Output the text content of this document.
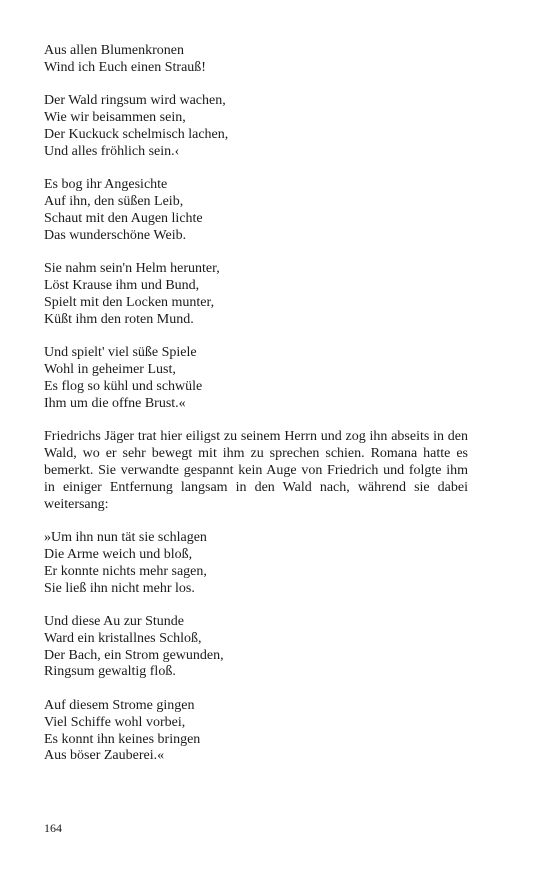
Aus allen Blumenkronen
Wind ich Euch einen Strauß!
Der Wald ringsum wird wachen,
Wie wir beisammen sein,
Der Kuckuck schelmisch lachen,
Und alles fröhlich sein.‹
Es bog ihr Angesichte
Auf ihn, den süßen Leib,
Schaut mit den Augen lichte
Das wunderschöne Weib.
Sie nahm sein'n Helm herunter,
Löst Krause ihm und Bund,
Spielt mit den Locken munter,
Küßt ihm den roten Mund.
Und spielt' viel süße Spiele
Wohl in geheimer Lust,
Es flog so kühl und schwüle
Ihm um die offne Brust.«

Friedrichs Jäger trat hier eiligst zu seinem Herrn und zog ihn abseits in den Wald, wo er sehr bewegt mit ihm zu sprechen schien. Romana hatte es bemerkt. Sie verwandte gespannt kein Auge von Friedrich und folgte ihm in einiger Entfernung langsam in den Wald nach, während sie dabei weitersang:

»Um ihn nun tät sie schlagen
Die Arme weich und bloß,
Er konnte nichts mehr sagen,
Sie ließ ihn nicht mehr los.
Und diese Au zur Stunde
Ward ein kristallnes Schloß,
Der Bach, ein Strom gewunden,
Ringsum gewaltig floß.
Auf diesem Strome gingen
Viel Schiffe wohl vorbei,
Es konnt ihn keines bringen
Aus böser Zauberei.«
164
